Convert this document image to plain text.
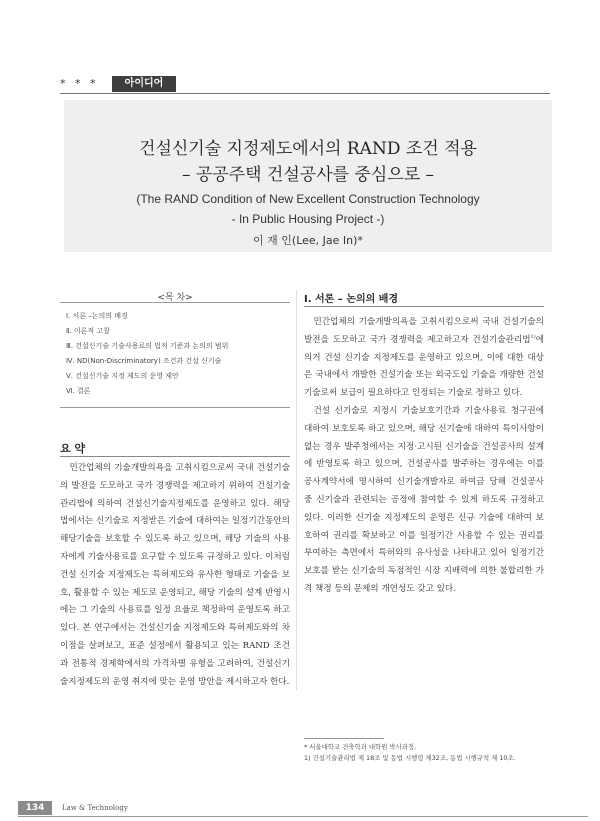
* * *	아이디어
건설신기술 지정제도에서의 RAND 조건 적용
– 공공주택 건설공사를 중심으로 –
(The RAND Condition of New Excellent Construction Technology
- In Public Housing Project -)
이 재 인(Lee, Jae In)*
<목 차>
Ⅰ. 서론 –논의의 배경
Ⅱ. 이론적 고찰
Ⅲ. 건설신기술 기술사용료의 법적 기준과 논의의 범위
Ⅳ. ND(Non-Discriminatory) 조건과 건설 신기술
Ⅴ. 건설신기술 지정 제도의 운영 제안
Ⅵ. 결론
요 약
민간업체의 기술개발의욕을 고취시킴으로써 국내 건설기술의 발전을 도모하고 국가 경쟁력을 제고하기 위하여 건설기술관리법에 의하여 건설신기술지정제도를 운영하고 있다. 해당 법에서는 신기술로 지정받은 기술에 대하여는 일정기간동안의 해당기술을 보호할 수 있도록 하고 있으며, 해당 기술의 사용자에게 기술사용료를 요구할 수 있도록 규정하고 있다. 이처럼 건설 신기술 지정제도는 특허제도와 유사한 형태로 기술을 보호, 활용할 수 있는 제도로 운영되고, 해당 기술의 설계 반영시에는 그 기술의 사용료를 일정 요율로 책정하여 운영토록 하고 있다. 본 연구에서는 건설신기술 지정제도와 특허제도와의 차이점을 살펴보고, 표준 설정에서 활용되고 있는 RAND 조건과 전통적 경제학에서의 가격차별 유형을 고려하여, 건설신기술지정제도의 운영 취지에 맞는 운영 방안을 제시하고자 한다.
Ⅰ. 서론 – 논의의 배경

민간업체의 기술개발의욕을 고취시킴으로써 국내 건설기술의 발전을 도모하고 국가 경쟁력을 제고하고자 건설기술관리법$^{1)}$에 의거 건설 신기술 지정제도를 운영하고 있으며, 이에 대한 대상은 국내에서 개발한 건설기술 또는 외국도입 기술을 개량한 건설기술로써 보급이 필요하다고 인정되는 기술로 정하고 있다.

건설 신기술로 지정시 기술보호기간과 기술사용료 청구권에 대하여 보호토록 하고 있으며, 해당 신기술에 대하여 특이사항이 없는 경우 발주청에서는 지정·고시된 신기술을 건설공사의 설계에 반영토록 하고 있으며, 건설공사를 발주하는 경우에는 이를 공사계약서에 명시하여 신기술개발자로 하여금 당해 건설공사 중 신기술과 관련되는 공정에 참여할 수 있게 하도록 규정하고 있다. 이러한 신기술 지정제도의 운영은 신규 기술에 대하여 보호하여 권리를 확보하고 이를 일정기간 사용할 수 있는 권리를 부여하는 측면에서 특허와의 유사성을 나타내고 있어 일정기간 보호를 받는 신기술의 독점적인 시장 지배력에 의한 불합리한 가격 책정 등의 문제의 개연성도 갖고 있다.

* 서울대학교 건축학과 대학원 박사과정.
1) 건설기술관리법 제 18조 및 동법 시행령 제32조, 동법 시행규칙 제 10조.
134	Law & Technology
